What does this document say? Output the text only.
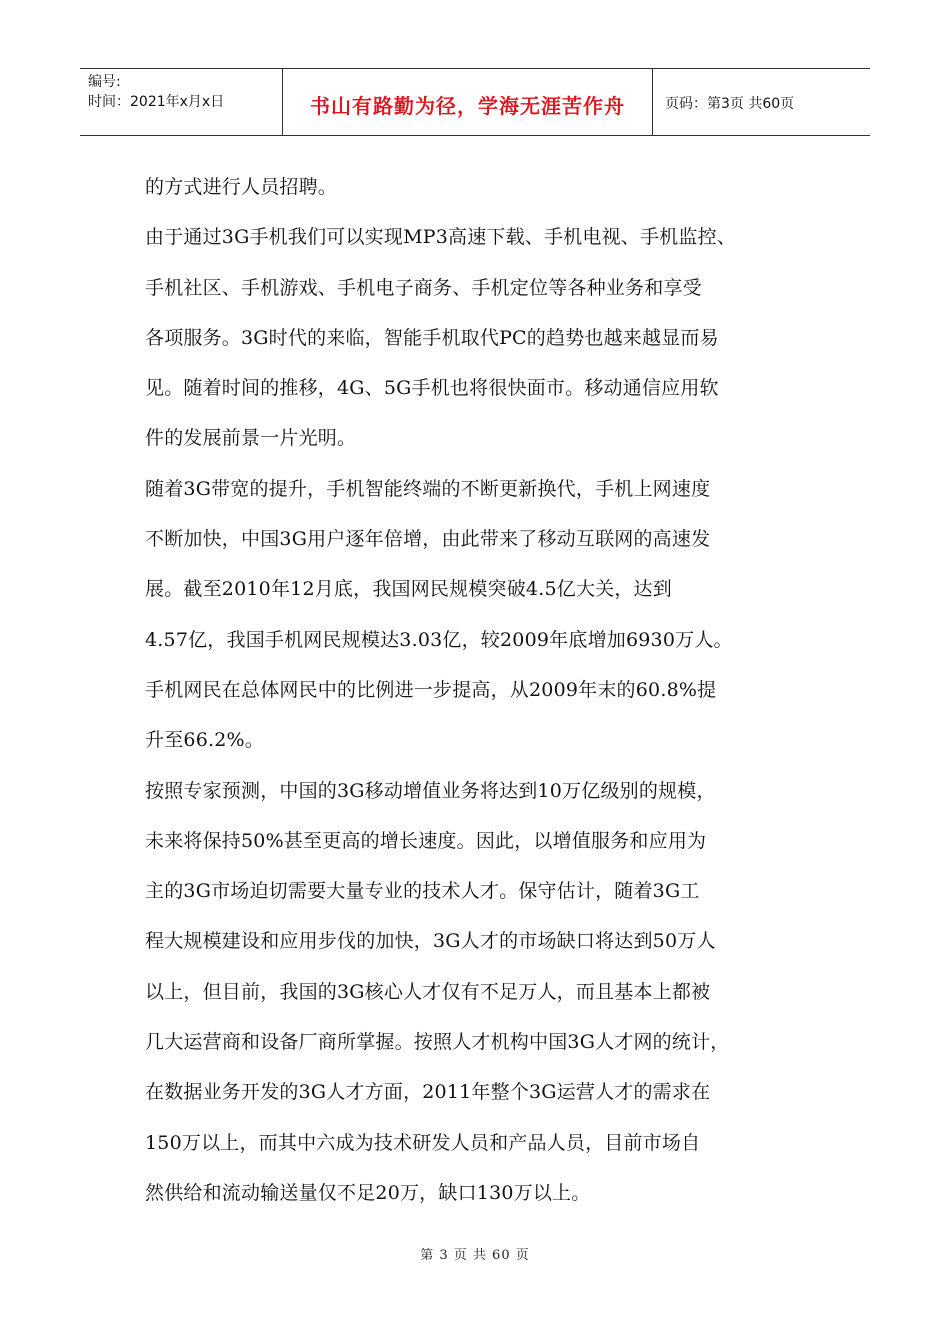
编号:
时间：2021年x月x日	书山有路勤为径，学海无涯苦作舟	页码：第3页 共60页
的方式进行人员招聘。
由于通过3G手机我们可以实现MP3高速下载、手机电视、手机监控、
手机社区、手机游戏、手机电子商务、手机定位等各种业务和享受
各项服务。3G时代的来临，智能手机取代PC的趋势也越来越显而易
见。随着时间的推移，4G、5G手机也将很快面市。移动通信应用软
件的发展前景一片光明。
随着3G带宽的提升，手机智能终端的不断更新换代，手机上网速度
不断加快，中国3G用户逐年倍增，由此带来了移动互联网的高速发
展。截至2010年12月底，我国网民规模突破4.5亿大关，达到
4.57亿，我国手机网民规模达3.03亿，较2009年底增加6930万人。
手机网民在总体网民中的比例进一步提高，从2009年末的60.8%提
升至66.2%。
按照专家预测，中国的3G移动增值业务将达到10万亿级别的规模，
未来将保持50%甚至更高的增长速度。因此，以增值服务和应用为
主的3G市场迫切需要大量专业的技术人才。保守估计，随着3G工
程大规模建设和应用步伐的加快，3G人才的市场缺口将达到50万人
以上，但目前，我国的3G核心人才仅有不足万人，而且基本上都被
几大运营商和设备厂商所掌握。按照人才机构中国3G人才网的统计，
在数据业务开发的3G人才方面，2011年整个3G运营人才的需求在
150万以上，而其中六成为技术研发人员和产品人员，目前市场自
然供给和流动输送量仅不足20万，缺口130万以上。
第 3 页 共 60 页
